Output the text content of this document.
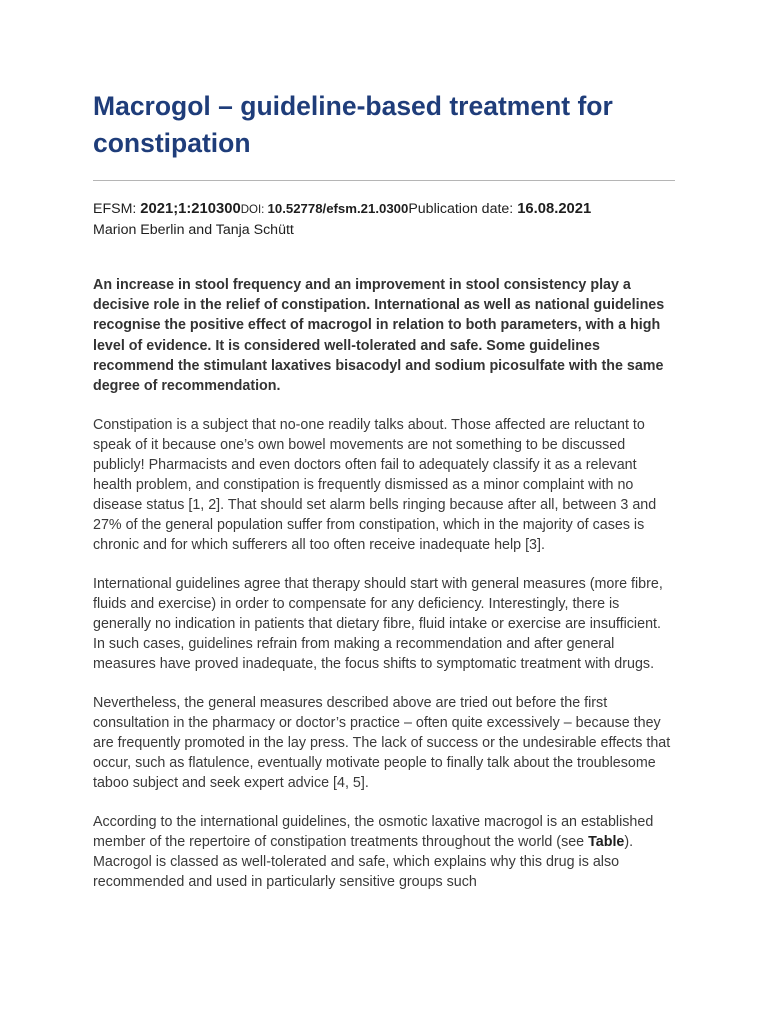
Macrogol – guideline-based treatment for constipation
EFSM: 2021;1:210300DOI: 10.52778/efsm.21.0300Publication date: 16.08.2021
Marion Eberlin and Tanja Schütt
An increase in stool frequency and an improvement in stool consistency play a decisive role in the relief of constipation. International as well as national guidelines recognise the positive effect of macrogol in relation to both parameters, with a high level of evidence. It is considered well-tolerated and safe. Some guidelines recommend the stimulant laxatives bisacodyl and sodium picosulfate with the same degree of recommendation.

Constipation is a subject that no-one readily talks about. Those affected are reluctant to speak of it because one’s own bowel movements are not something to be discussed publicly! Pharmacists and even doctors often fail to adequately classify it as a relevant health problem, and constipation is frequently dismissed as a minor complaint with no disease status [1, 2]. That should set alarm bells ringing because after all, between 3 and 27% of the general population suffer from constipation, which in the majority of cases is chronic and for which sufferers all too often receive inadequate help [3].

International guidelines agree that therapy should start with general measures (more fibre, fluids and exercise) in order to compensate for any deficiency. Interestingly, there is generally no indication in patients that dietary fibre, fluid intake or exercise are insufficient. In such cases, guidelines refrain from making a recommendation and after general measures have proved inadequate, the focus shifts to symptomatic treatment with drugs.

Nevertheless, the general measures described above are tried out before the first consultation in the pharmacy or doctor’s practice – often quite excessively – because they are frequently promoted in the lay press. The lack of success or the undesirable effects that occur, such as flatulence, eventually motivate people to finally talk about the troublesome taboo subject and seek expert advice [4, 5].

According to the international guidelines, the osmotic laxative macrogol is an established member of the repertoire of constipation treatments throughout the world (see Table). Macrogol is classed as well-tolerated and safe, which explains why this drug is also recommended and used in particularly sensitive groups such
